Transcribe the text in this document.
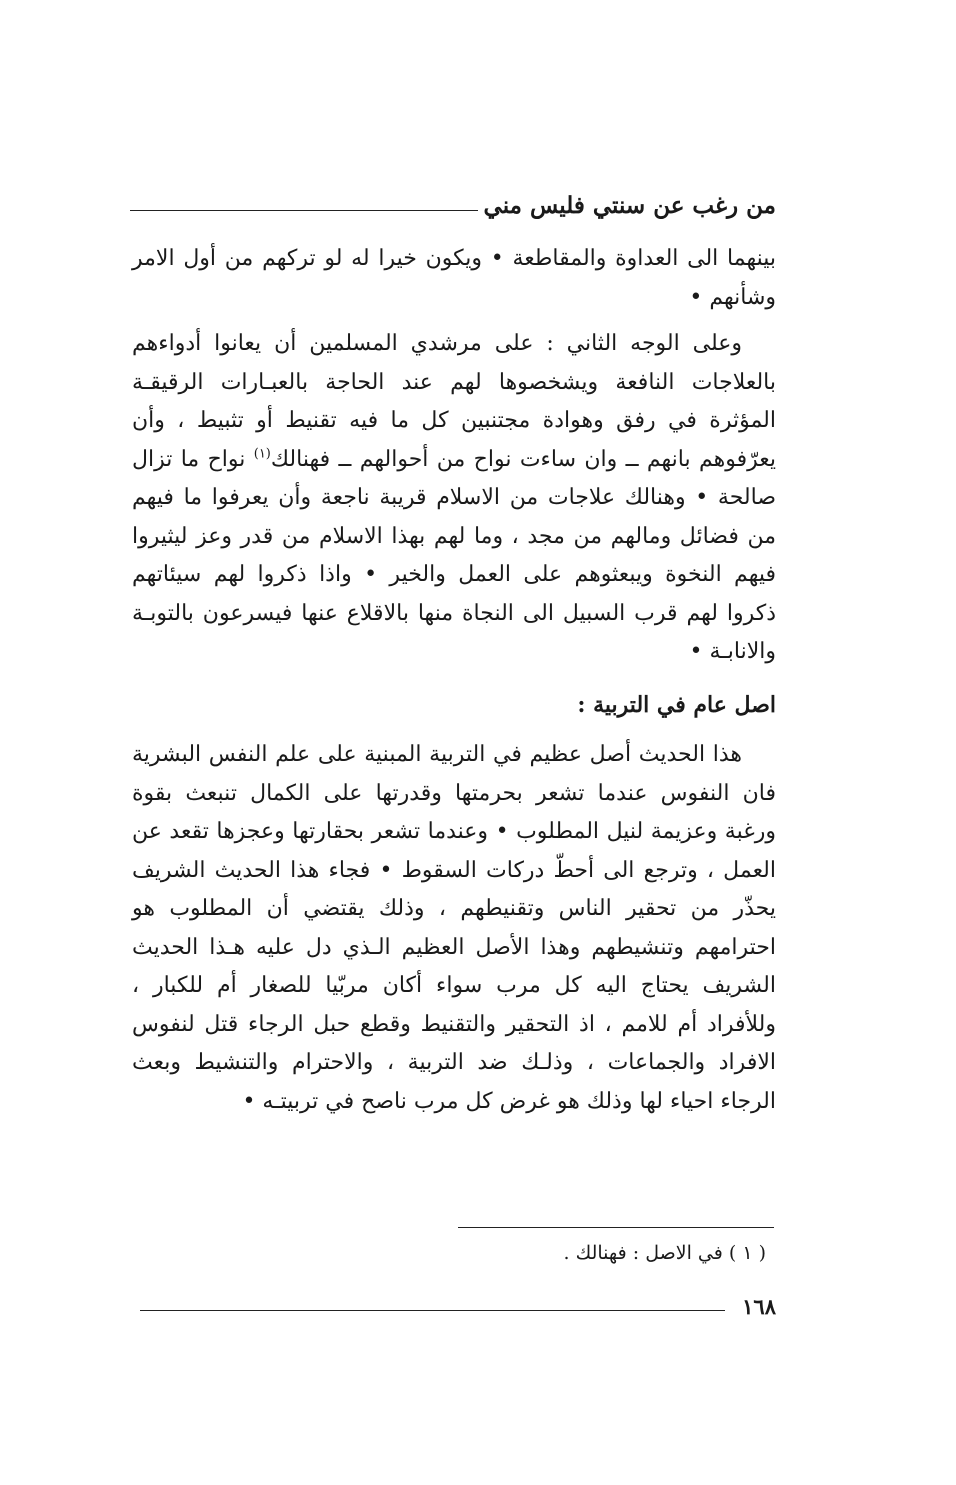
من رغب عن سنتي فليس مني

بينهما الى العداوة والمقاطعة • ويكون خيرا له لو تركهم من أول الامر وشأنهم •

وعلى الوجه الثاني : على مرشدي المسلمين أن يعانوا أدواءهم بالعلاجات النافعة ويشخصوها لهم عند الحاجة بالعبـارات الرقيقـة المؤثرة في رفق وهوادة مجتنبين كل ما فيه تقنيط أو تثبيط ، وأن يعرّفوهم بانهم ــ وان ساءت نواح من أحوالهم ــ فهنالك$^{(١)}$ نواح ما تزال صالحة • وهنالك علاجات من الاسلام قريبة ناجعة وأن يعرفوا ما فيهم من فضائل ومالهم من مجد ، وما لهم بهذا الاسلام من قدر وعز ليثيروا فيهم النخوة ويبعثوهم على العمل والخير • واذا ذكروا لهم سيئاتهم ذكروا لهم قرب السبيل الى النجاة منها بالاقلاع عنها فيسرعون بالتوبـة والانابـة •

اصل عام في التربية :

هذا الحديث أصل عظيم في التربية المبنية على علم النفس البشرية فان النفوس عندما تشعر بحرمتها وقدرتها على الكمال تنبعث بقوة ورغبة وعزيمة لنيل المطلوب • وعندما تشعر بحقارتها وعجزها تقعد عن العمل ، وترجع الى أحطّ دركات السقوط • فجاء هذا الحديث الشريف يحذّر من تحقير الناس وتقنيطهم ، وذلك يقتضي أن المطلوب هو احترامهم وتنشيطهم وهذا الأصل العظيم الـذي دل عليه هـذا الحديث الشريف يحتاج اليه كل مرب سواء أكان مربّيا للصغار أم للكبار ، وللأفراد أم للامم ، اذ التحقير والتقنيط وقطع حبل الرجاء قتل لنفوس الافراد والجماعات ، وذلـك ضد التربية ، والاحترام والتنشيط وبعث الرجاء احياء لها وذلك هو غرض كل مرب ناصح في تربيتـه •

( ١ ) في الاصل : فهنالك .
١٦٨
